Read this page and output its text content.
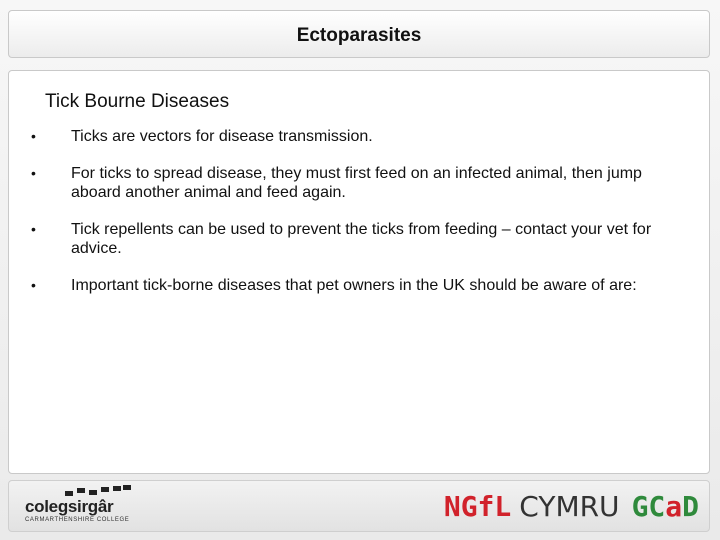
Ectoparasites
Tick Bourne Diseases
• Ticks are vectors for disease transmission.
• For ticks to spread disease, they must first feed on an infected animal, then jump aboard another animal and feed again.
• Tick repellents can be used to prevent the ticks from feeding – contact your vet for advice.
• Important tick-borne diseases that pet owners in the UK should be aware of are:
colegsirgâr
CARMARTHENSHIRE COLLEGE	NGfL CYMRU GCaD
